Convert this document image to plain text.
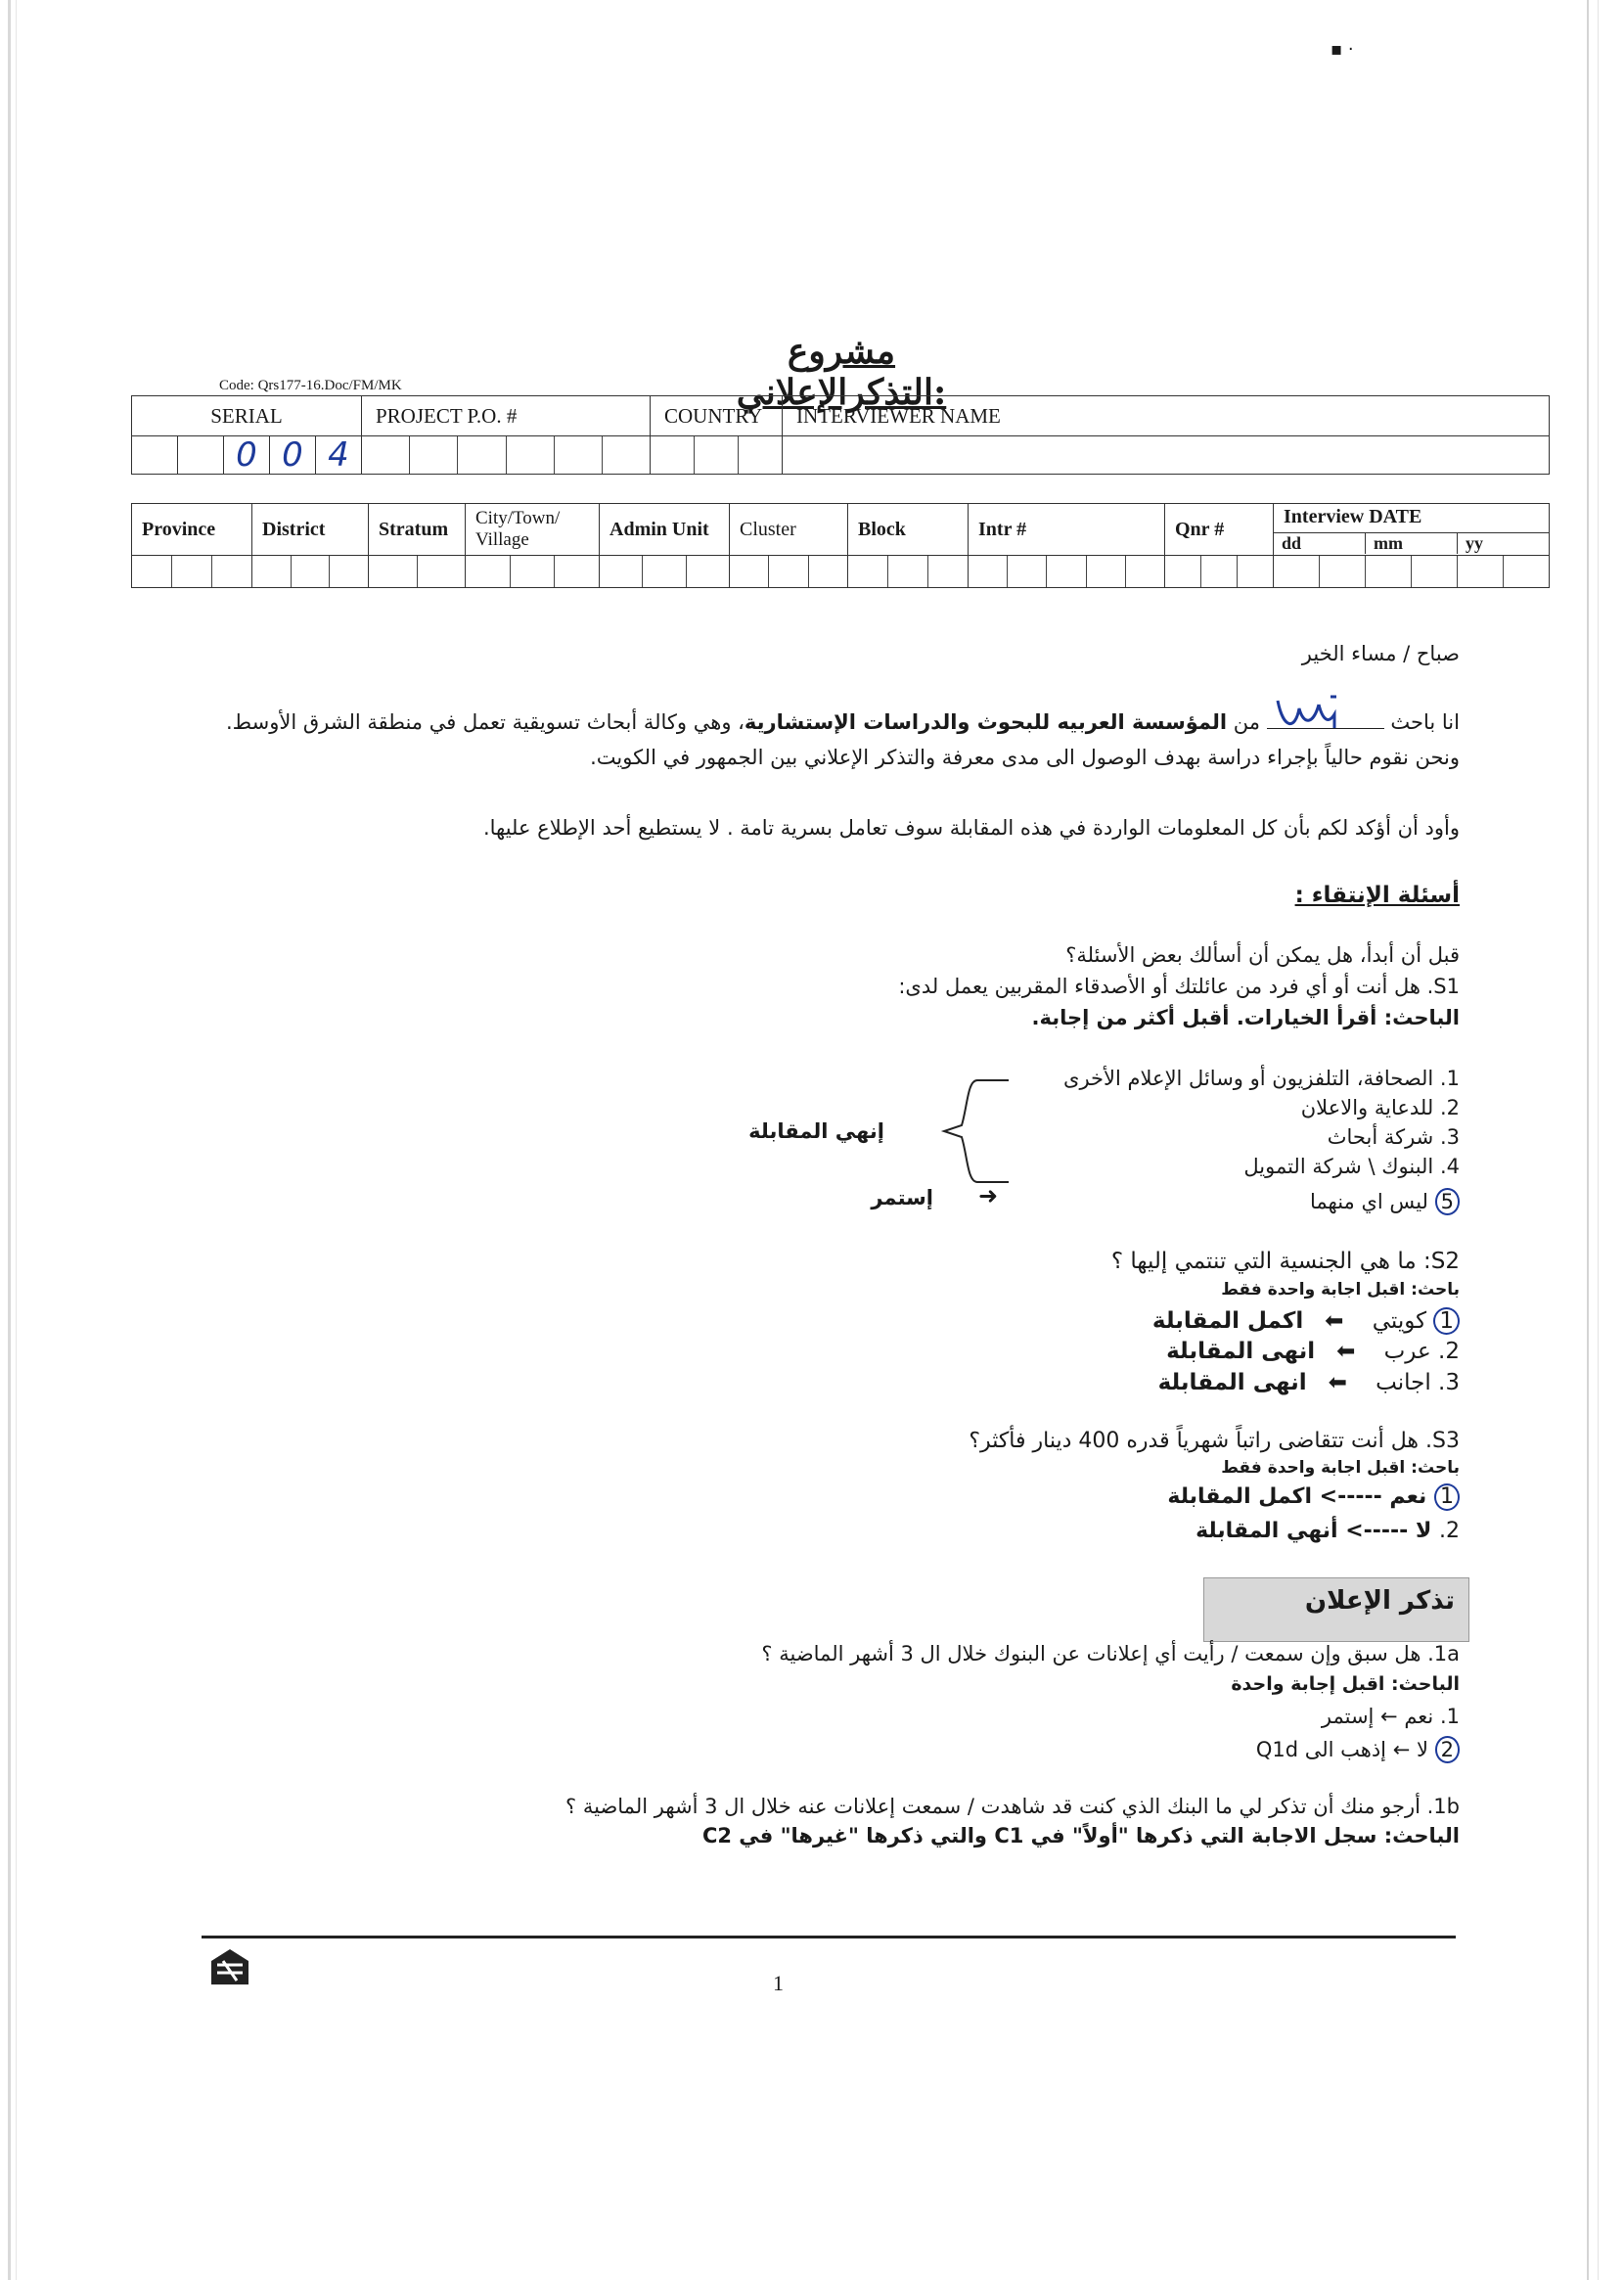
▪ ·
مشروع :التذكرالإعلاني
Code: Qrs177-16.Doc/FM/MK
SERIAL	PROJECT P.O. #	COUNTRY	INTERVIEWER NAME

0 0 4			

Province	District	Stratum	City/Town/ Village	Admin Unit	Cluster	Block	Intr #	Qnr #	Interview DATE
dd mm yy

صباح / مساء الخير
انا باحث  من المؤسسة العربيه للبحوث والدراسات الإستشارية، وهي وكالة أبحاث تسويقية تعمل في منطقة الشرق الأوسط.
ونحن نقوم حالياً بإجراء دراسة بهدف الوصول الى مدى معرفة والتذكر الإعلاني بين الجمهور في الكويت.
وأود أن أؤكد لكم بأن كل المعلومات الواردة في هذه المقابلة سوف تعامل بسرية تامة . لا يستطيع أحد الإطلاع عليها.
أسئلة الإنتقاء :
قبل أن أبدأ، هل يمكن أن أسألك بعض الأسئلة؟
S1. هل أنت أو أي فرد من عائلتك أو الأصدقاء المقربين يعمل لدى:
الباحث: أقرأ الخيارات. أقبل أكثر من إجابة.
1. الصحافة، التلفزيون أو وسائل الإعلام الأخرى
2. للدعاية والاعلان
3. شركة أبحاث
4. البنوك \ شركة التمويل
5 ليس اي منهما
إنهي المقابلة
➜
إستمر
S2: ما هي الجنسية التي تنتمي إليها ؟
باحث: اقبل اجابة واحدة فقط
1 كويتي    ⬅   اكمل المقابلة
2. عرب    ⬅   انهى المقابلة
3. اجانب    ⬅   انهى المقابلة
S3. هل أنت تتقاضى راتباً شهرياً قدره 400 دينار فأكثر؟
باحث: اقبل اجابة واحدة فقط
1 نعم -----> اكمل المقابلة
2. لا -----> أنهي المقابلة
تذكر الإعلان
1a. هل سبق وإن سمعت / رأيت أي إعلانات عن البنوك خلال ال 3 أشهر الماضية ؟
الباحث: اقبل إجابة واحدة
1. نعم ← إستمر
2 لا ← إذهب الى Q1d
1b. أرجو منك أن تذكر لي ما البنك الذي كنت قد شاهدت / سمعت إعلانات عنه خلال ال 3 أشهر الماضية ؟
الباحث: سجل الاجابة التي ذكرها "أولاً" في C1 والتي ذكرها "غيرها" في C2
1
